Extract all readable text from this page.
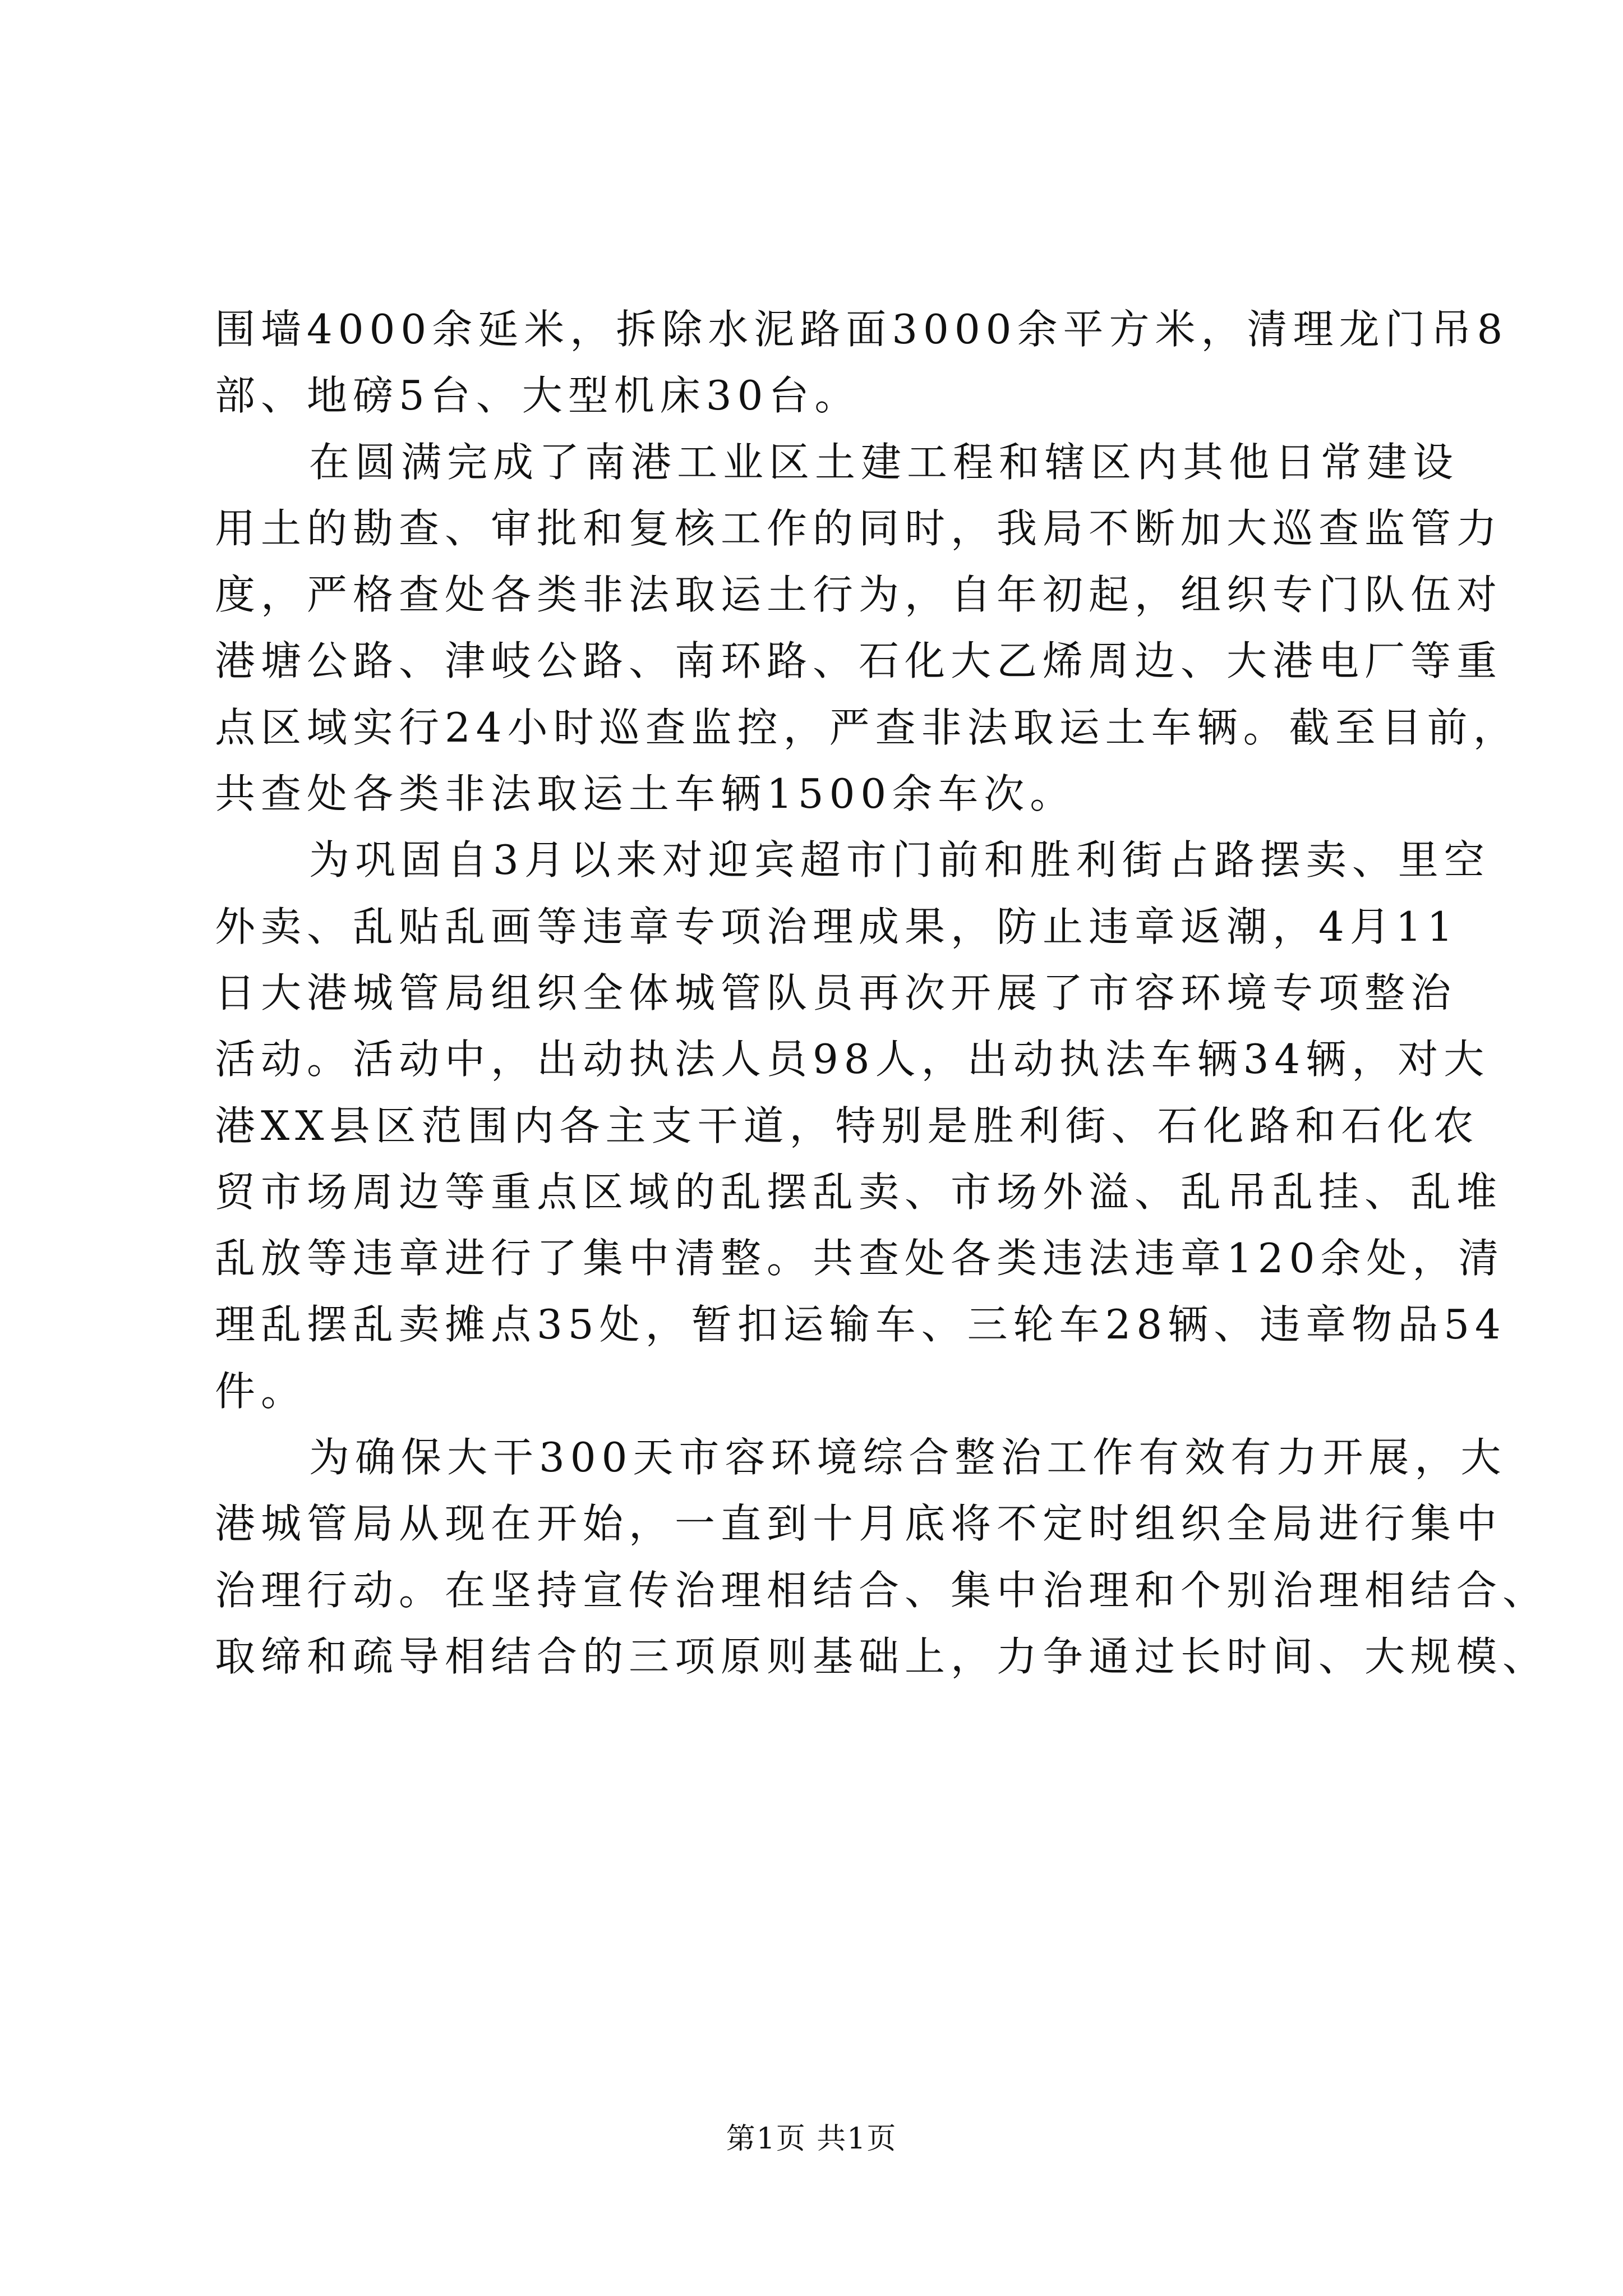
围墙4000余延米，拆除水泥路面3000余平方米，清理龙门吊8
部、地磅5台、大型机床30台。
在圆满完成了南港工业区土建工程和辖区内其他日常建设
用土的勘查、审批和复核工作的同时，我局不断加大巡查监管力
度，严格查处各类非法取运土行为，自年初起，组织专门队伍对
港塘公路、津岐公路、南环路、石化大乙烯周边、大港电厂等重
点区域实行24小时巡查监控，严查非法取运土车辆。截至目前，
共查处各类非法取运土车辆1500余车次。
为巩固自3月以来对迎宾超市门前和胜利街占路摆卖、里空
外卖、乱贴乱画等违章专项治理成果，防止违章返潮，4月11
日大港城管局组织全体城管队员再次开展了市容环境专项整治
活动。活动中，出动执法人员98人，出动执法车辆34辆，对大
港XX县区范围内各主支干道，特别是胜利街、石化路和石化农
贸市场周边等重点区域的乱摆乱卖、市场外溢、乱吊乱挂、乱堆
乱放等违章进行了集中清整。共查处各类违法违章120余处，清
理乱摆乱卖摊点35处，暂扣运输车、三轮车28辆、违章物品54
件。
为确保大干300天市容环境综合整治工作有效有力开展，大
港城管局从现在开始，一直到十月底将不定时组织全局进行集中
治理行动。在坚持宣传治理相结合、集中治理和个别治理相结合、
取缔和疏导相结合的三项原则基础上，力争通过长时间、大规模、
第1页 共1页
